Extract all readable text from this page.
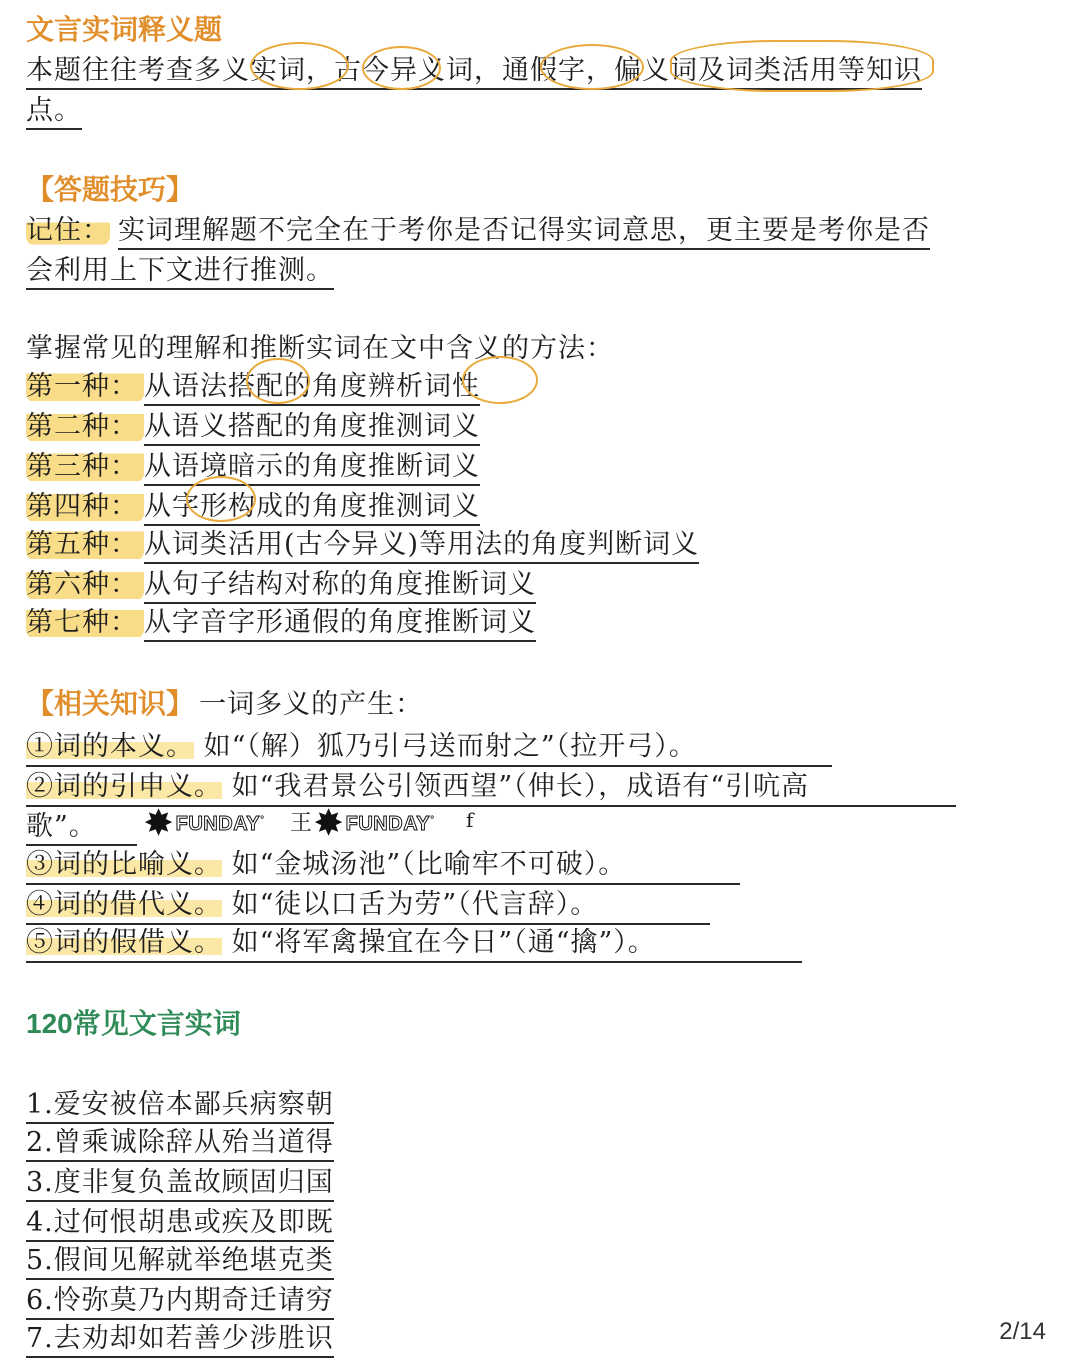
文言实词释义题
本题往往考查多义实词，古今异义词，通假字，偏义词及词类活用等知识
点。
【答题技巧】
记住： 实词理解题不完全在于考你是否记得实词意思，更主要是考你是否
会利用上下文进行推测。
掌握常见的理解和推断实词在文中含义的方法：
第一种： 从语法搭配的角度辨析词性
第二种： 从语义搭配的角度推测词义
第三种： 从语境暗示的角度推断词义
第四种： 从字形构成的角度推测词义
第五种： 从词类活用(古今异义)等用法的角度判断词义
第六种： 从句子结构对称的角度推断词义
第七种： 从字音字形通假的角度推断词义
【相关知识】 一词多义的产生：
①词的本义。 如“（解）狐乃引弓送而射之”（拉开弓）。
②词的引申义。 如“我君景公引领西望”（伸长），成语有“引吭高
歌”。
③词的比喻义。 如“金城汤池”（比喻牢不可破）。
④词的借代义。 如“徒以口舌为劳”（代言辞）。
⑤词的假借义。 如“将军禽操宜在今日”（通“擒”）。
✸ FUNDAY° 王 ✸ FUNDAY° f
120常见文言实词
1.爱安被倍本鄙兵病察朝
2.曾乘诚除辞从殆当道得
3.度非复负盖故顾固归国
4.过何恨胡患或疾及即既
5.假间见解就举绝堪克类
6.怜弥莫乃内期奇迁请穷
7.去劝却如若善少涉胜识	2/14
